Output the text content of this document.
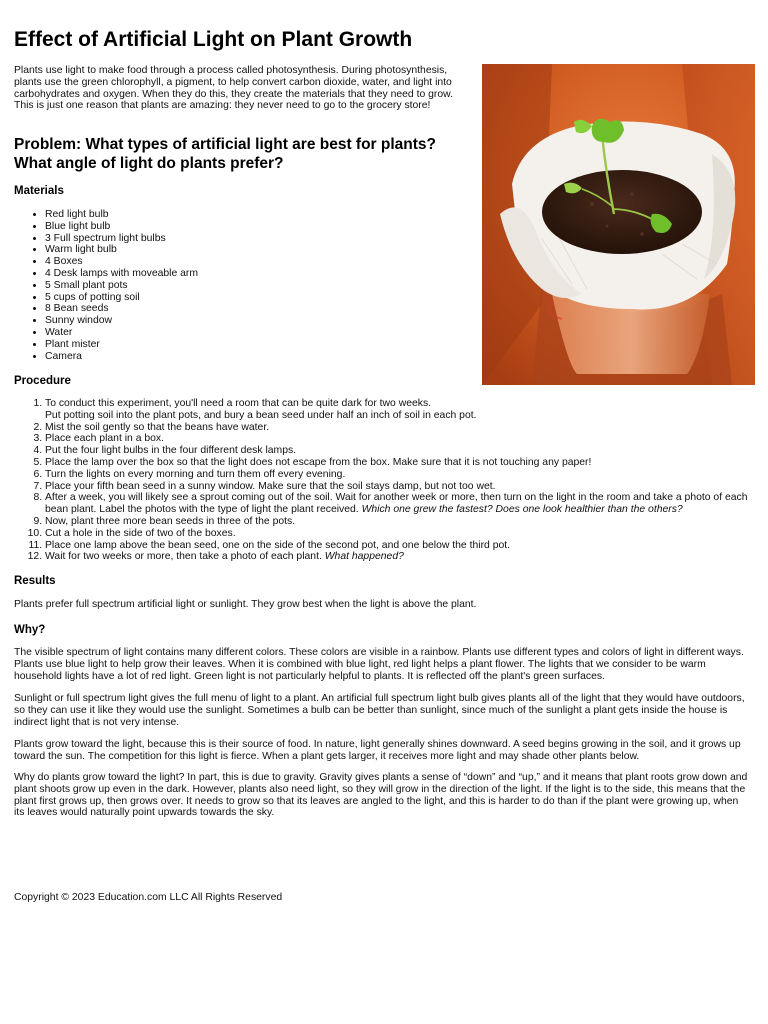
Effect of Artificial Light on Plant Growth

Plants use light to make food through a process called photosynthesis. During photosynthesis, plants use the green chlorophyll, a pigment, to help convert carbon dioxide, water, and light into carbohydrates and oxygen. When they do this, they create the materials that they need to grow. This is just one reason that plants are amazing: they never need to go to the grocery store!

Problem: What types of artificial light are best for plants? What angle of light do plants prefer?
Materials
• Red light bulb
• Blue light bulb
• 3 Full spectrum light bulbs
• Warm light bulb
• 4 Boxes
• 4 Desk lamps with moveable arm
• 5 Small plant pots
• 5 cups of potting soil
• 8 Bean seeds
• Sunny window
• Water
• Plant mister
• Camera
Procedure
1. To conduct this experiment, you'll need a room that can be quite dark for two weeks.
Put potting soil into the plant pots, and bury a bean seed under half an inch of soil in each pot.
2. Mist the soil gently so that the beans have water.
3. Place each plant in a box.
4. Put the four light bulbs in the four different desk lamps.
5. Place the lamp over the box so that the light does not escape from the box. Make sure that it is not touching any paper!
6. Turn the lights on every morning and turn them off every evening.
7. Place your fifth bean seed in a sunny window. Make sure that the soil stays damp, but not too wet.
8. After a week, you will likely see a sprout coming out of the soil. Wait for another week or more, then turn on the light in the room and take a photo of each bean plant. Label the photos with the type of light the plant received. Which one grew the fastest? Does one look healthier than the others?
9. Now, plant three more bean seeds in three of the pots.
10. Cut a hole in the side of two of the boxes.
11. Place one lamp above the bean seed, one on the side of the second pot, and one below the third pot.
12. Wait for two weeks or more, then take a photo of each plant. What happened?
Results

Plants prefer full spectrum artificial light or sunlight. They grow best when the light is above the plant.

Why?

The visible spectrum of light contains many different colors. These colors are visible in a rainbow. Plants use different types and colors of light in different ways. Plants use blue light to help grow their leaves. When it is combined with blue light, red light helps a plant flower. The lights that we consider to be warm household lights have a lot of red light. Green light is not particularly helpful to plants. It is reflected off the plant's green surfaces.

Sunlight or full spectrum light gives the full menu of light to a plant. An artificial full spectrum light bulb gives plants all of the light that they would have outdoors, so they can use it like they would use the sunlight. Sometimes a bulb can be better than sunlight, since much of the sunlight a plant gets inside the house is indirect light that is not very intense.

Plants grow toward the light, because this is their source of food. In nature, light generally shines downward. A seed begins growing in the soil, and it grows up toward the sun. The competition for this light is fierce. When a plant gets larger, it receives more light and may shade other plants below.

Why do plants grow toward the light? In part, this is due to gravity. Gravity gives plants a sense of “down” and “up,” and it means that plant roots grow down and plant shoots grow up even in the dark. However, plants also need light, so they will grow in the direction of the light. If the light is to the side, this means that the plant first grows up, then grows over. It needs to grow so that its leaves are angled to the light, and this is harder to do than if the plant were growing up, when its leaves would naturally point upwards towards the sky.

Copyright © 2023 Education.com LLC All Rights Reserved
